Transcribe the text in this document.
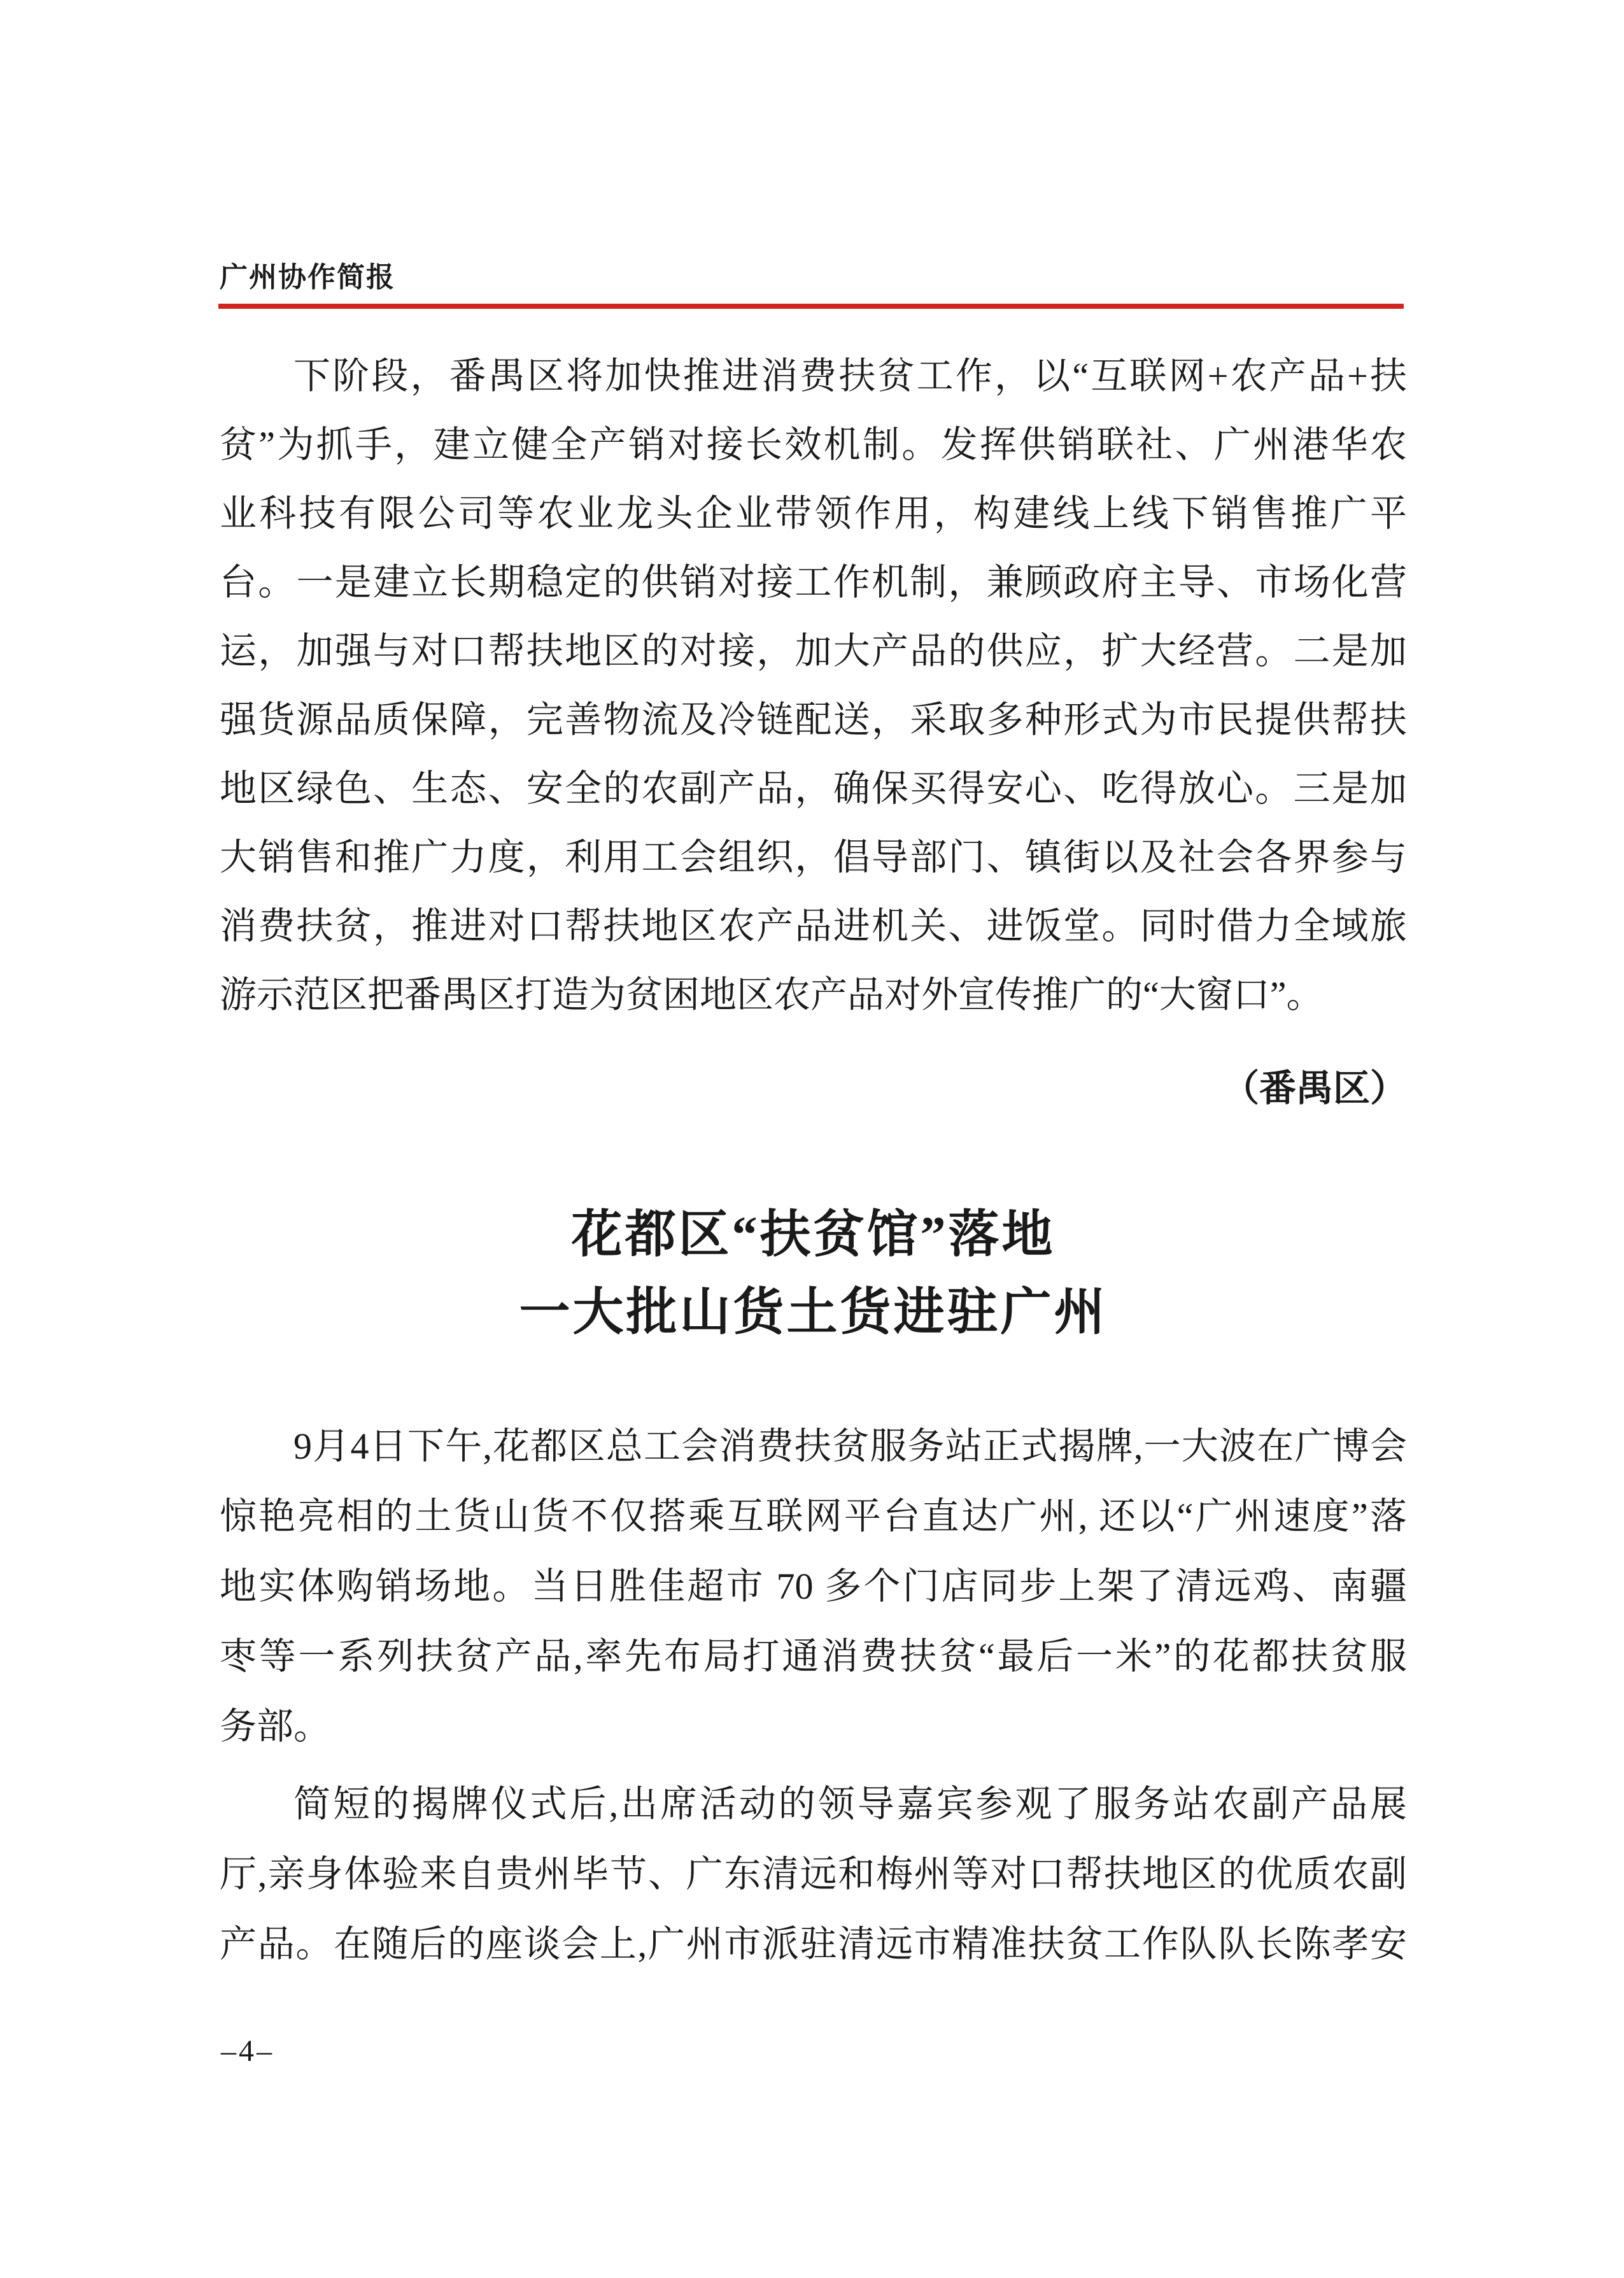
广州协作简报
下阶段，番禺区将加快推进消费扶贫工作，以“互联网+农产品+扶
贫”为抓手，建立健全产销对接长效机制。发挥供销联社、广州港华农
业科技有限公司等农业龙头企业带领作用，构建线上线下销售推广平
台。一是建立长期稳定的供销对接工作机制，兼顾政府主导、市场化营
运，加强与对口帮扶地区的对接，加大产品的供应，扩大经营。二是加
强货源品质保障，完善物流及冷链配送，采取多种形式为市民提供帮扶
地区绿色、生态、安全的农副产品，确保买得安心、吃得放心。三是加
大销售和推广力度，利用工会组织，倡导部门、镇街以及社会各界参与
消费扶贫，推进对口帮扶地区农产品进机关、进饭堂。同时借力全域旅
游示范区把番禺区打造为贫困地区农产品对外宣传推广的“大窗口”。
（番禺区）
花都区“扶贫馆”落地
一大批山货土货进驻广州
9月4日下午,花都区总工会消费扶贫服务站正式揭牌,一大波在广博会
惊艳亮相的土货山货不仅搭乘互联网平台直达广州, 还以“广州速度”落
地实体购销场地。当日胜佳超市 70 多个门店同步上架了清远鸡、南疆
枣等一系列扶贫产品,率先布局打通消费扶贫“最后一米”的花都扶贫服
务部。
简短的揭牌仪式后,出席活动的领导嘉宾参观了服务站农副产品展
厅,亲身体验来自贵州毕节、广东清远和梅州等对口帮扶地区的优质农副
产品。在随后的座谈会上,广州市派驻清远市精准扶贫工作队队长陈孝安
–4–
